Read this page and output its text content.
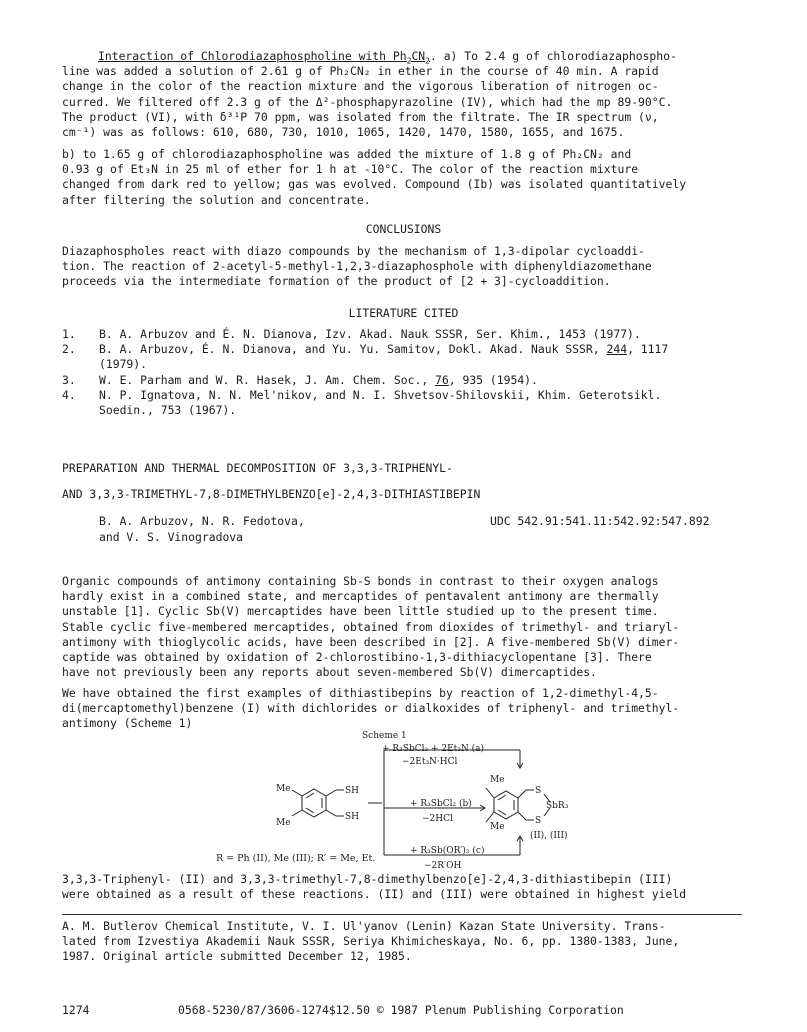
Interaction of Chlorodiazaphospholine with $Ph_2CN_2$. a) To 2.4 g of chlorodiazaphospho-
line was added a solution of 2.61 g of Ph₂CN₂ in ether in the course of 40 min. A rapid
change in the color of the reaction mixture and the vigorous liberation of nitrogen oc-
curred. We filtered off 2.3 g of the Δ²-phosphapyrazoline (IV), which had the mp 89-90°C.
The product (VI), with δ³¹P 70 ppm, was isolated from the filtrate. The IR spectrum (ν,
cm⁻¹) was as follows: 610, 680, 730, 1010, 1065, 1420, 1470, 1580, 1655, and 1675.
b) to 1.65 g of chlorodiazaphospholine was added the mixture of 1.8 g of Ph₂CN₂ and
0.93 g of Et₃N in 25 ml of ether for 1 h at -10°C. The color of the reaction mixture
changed from dark red to yellow; gas was evolved. Compound (Ib) was isolated quantitatively
after filtering the solution and concentrate.
CONCLUSIONS
Diazaphospholes react with diazo compounds by the mechanism of 1,3-dipolar cycloaddi-
tion. The reaction of 2-acetyl-5-methyl-1,2,3-diazaphosphole with diphenyldiazomethane
proceeds via the intermediate formation of the product of [2 + 3]-cycloaddition.
LITERATURE CITED
1. B. A. Arbuzov and É. N. Dianova, Izv. Akad. Nauk SSSR, Ser. Khim., 1453 (1977).
2. B. A. Arbuzov, É. N. Dianova, and Yu. Yu. Samitov, Dokl. Akad. Nauk SSSR, 244, 1117
(1979).
3. W. E. Parham and W. R. Hasek, J. Am. Chem. Soc., 76, 935 (1954).
4. N. P. Ignatova, N. N. Mel'nikov, and N. I. Shvetsov-Shilovskii, Khim. Geterotsikl.
Soedin., 753 (1967).
PREPARATION AND THERMAL DECOMPOSITION OF 3,3,3-TRIPHENYL-
AND 3,3,3-TRIMETHYL-7,8-DIMETHYLBENZO[e]-2,4,3-DITHIASTIBEPIN
B. A. Arbuzov, N. R. Fedotova,
and V. S. Vinogradova
UDC 542.91:541.11:542.92:547.892
Organic compounds of antimony containing Sb-S bonds in contrast to their oxygen analogs
hardly exist in a combined state, and mercaptides of pentavalent antimony are thermally
unstable [1]. Cyclic Sb(V) mercaptides have been little studied up to the present time.
Stable cyclic five-membered mercaptides, obtained from dioxides of trimethyl- and triaryl-
antimony with thioglycolic acids, have been described in [2]. A five-membered Sb(V) dimer-
captide was obtained by oxidation of 2-chlorostibino-1,3-dithiacyclopentane [3]. There
have not previously been any reports about seven-membered Sb(V) dimercaptides.
We have obtained the first examples of dithiastibepins by reaction of 1,2-dimethyl-4,5-
di(mercaptomethyl)benzene (I) with dichlorides or dialkoxides of triphenyl- and trimethyl-
antimony (Scheme 1)
Scheme 1
+ R₃SbCl₂ + 2Et₃N (a)
−2Et₃N·HCl
+ R₃SbCl₂ (b)
−2HCl
+ R₃Sb(OR′)₂ (c)
−2R′OH
Me
Me
SH
SH
Me
Me
S
S
SbR₃
(II), (III)
R = Ph (II), Me (III); R′ = Me, Et.
3,3,3-Triphenyl- (II) and 3,3,3-trimethyl-7,8-dimethylbenzo[e]-2,4,3-dithiastibepin (III)
were obtained as a result of these reactions. (II) and (III) were obtained in highest yield
A. M. Butlerov Chemical Institute, V. I. Ul'yanov (Lenin) Kazan State University. Trans-
lated from Izvestiya Akademii Nauk SSSR, Seriya Khimicheskaya, No. 6, pp. 1380-1383, June,
1987. Original article submitted December 12, 1985.
1274	0568-5230/87/3606-1274$12.50 © 1987 Plenum Publishing Corporation
